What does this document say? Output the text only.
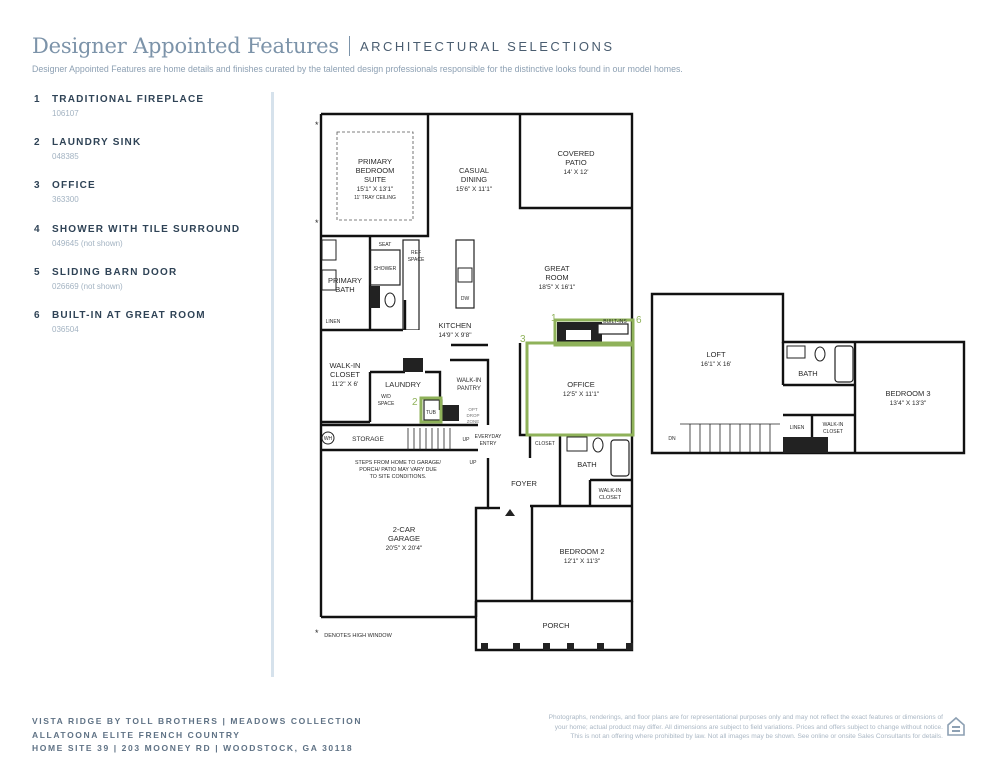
Designer Appointed Features ARCHITECTURAL SELECTIONS
Designer Appointed Features are home details and finishes curated by the talented design professionals responsible for the distinctive looks found in our model homes.
1 TRADITIONAL FIREPLACE
106107
2 LAUNDRY SINK
048385
3 OFFICE
363300
4 SHOWER WITH TILE SURROUND
049645 (not shown)
5 SLIDING BARN DOOR
026669 (not shown)
6 BUILT-IN AT GREAT ROOM
036504
PRIMARY
BEDROOM
SUITE
15'1" X 13'1"
11' TRAY CEILING
CASUAL
DINING
15'6" X 11'1"
COVERED
PATIO
14' X 12'
GREAT
ROOM
18'5" X 16'1"
PRIMARY
BATH
KITCHEN
14'9" X 9'8"
WALK-IN
CLOSET
11'2" X 6'	LAUNDRY	OFFICE
12'5" X 11'1"
WALK-IN
PANTRY
STORAGE
2-CAR
GARAGE
20'5" X 20'4"
FOYER
BATH
WALK-IN
CLOSET
BEDROOM 2
12'1" X 11'3"
PORCH
LOFT
16'1" X 16'
BATH
BEDROOM 3
13'4" X 13'3"
SEAT
SHOWER
REF
SPACE
DW
LINEN
W/D
SPACE
TUB
OPT
DROP
ZONE
WH	UP
UP
EVERYDAY
ENTRY	CLOSET
BUILT-INS
DN
LINEN	WALK-IN
CLOSET
STEPS FROM HOME TO GARAGE/
PORCH/ PATIO MAY VARY DUE
TO SITE CONDITIONS.
DENOTES HIGH WINDOW
*
*
*
1
3
2
6
VISTA RIDGE BY TOLL BROTHERS | MEADOWS COLLECTION
ALLATOONA ELITE FRENCH COUNTRY
HOME SITE 39 | 203 MOONEY RD | WOODSTOCK, GA 30118
Photographs, renderings, and floor plans are for representational purposes only and may not reflect the exact features or dimensions of
your home; actual product may differ. All dimensions are subject to field variations. Prices and offers subject to change without notice.
This is not an offering where prohibited by law. Not all images may be shown. See online or onsite Sales Consultants for details.
